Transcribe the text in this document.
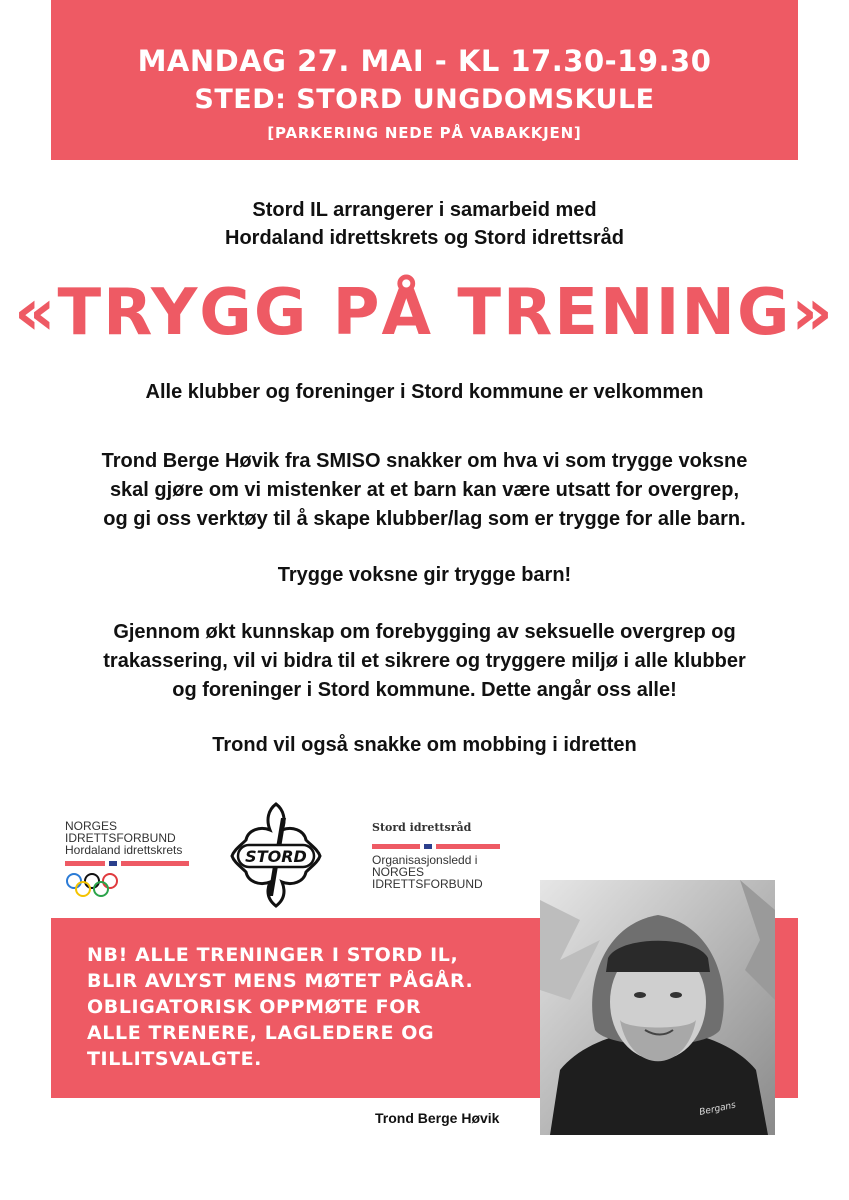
MANDAG 27. MAI - KL 17.30-19.30
STED: STORD UNGDOMSKULE
[PARKERING NEDE PÅ VABAKKJEN]
Stord IL arrangerer i samarbeid med
Hordaland idrettskrets og Stord idrettsråd
«TRYGG PÅ TRENING»
Alle klubber og foreninger i Stord kommune er velkommen
Trond Berge Høvik fra SMISO snakker om hva vi som trygge voksne
skal gjøre om vi mistenker at et barn kan være utsatt for overgrep,
og gi oss verktøy til å skape klubber/lag som er trygge for alle barn.
Trygge voksne gir trygge barn!
Gjennom økt kunnskap om forebygging av seksuelle overgrep og
trakassering, vil vi bidra til et sikrere og tryggere miljø i alle klubber
og foreninger i Stord kommune. Dette angår oss alle!
Trond vil også snakke om mobbing i idretten
NORGES
IDRETTSFORBUND
Hordaland idrettskrets	STORD
Stord idrettsråd
Organisasjonsledd i
NORGES
IDRETTSFORBUND
NB! ALLE TRENINGER I STORD IL,
BLIR AVLYST MENS MØTET PÅGÅR.
OBLIGATORISK OPPMØTE FOR
ALLE TRENERE, LAGLEDERE OG
TILLITSVALGTE.
Bergans
Trond Berge Høvik
